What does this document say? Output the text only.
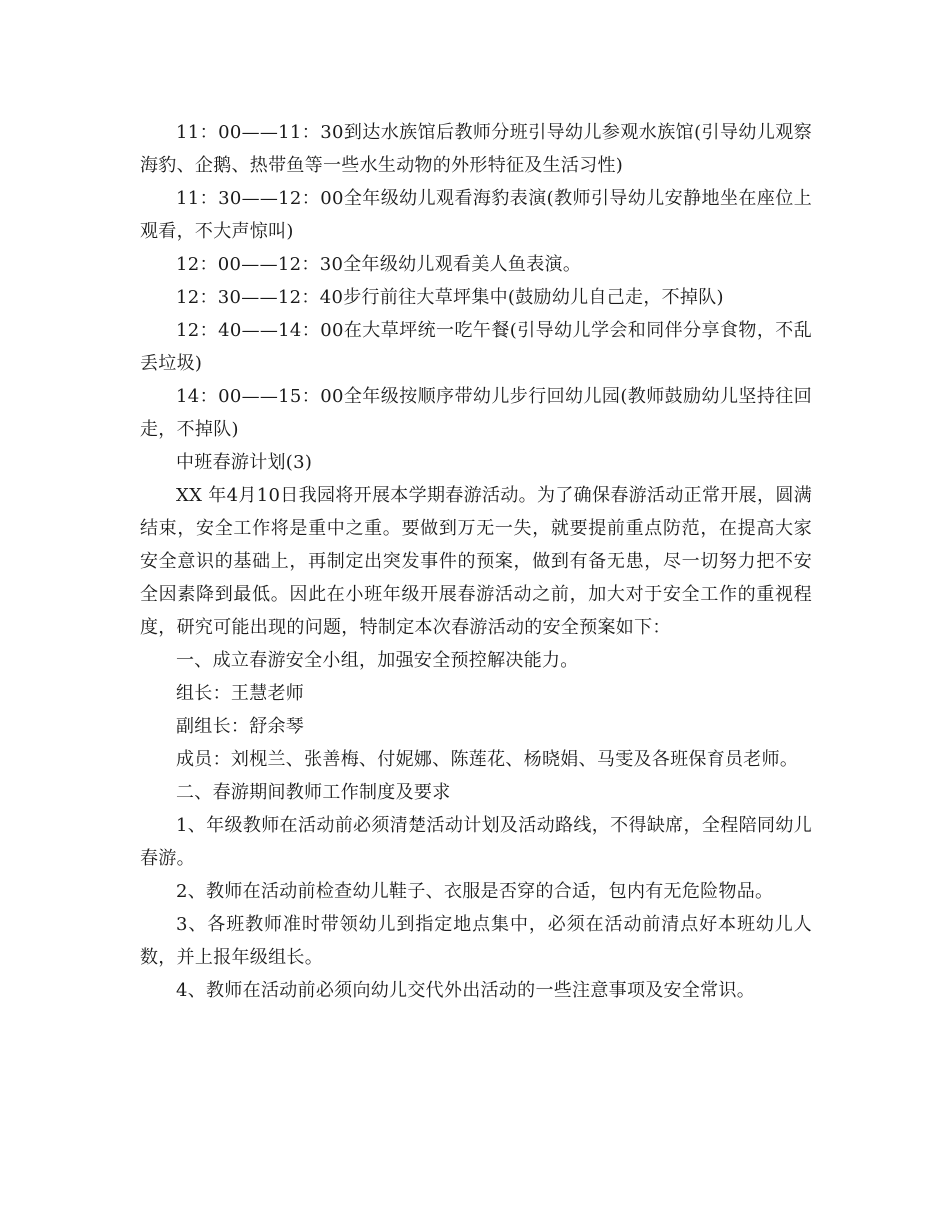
11：00——11：30到达水族馆后教师分班引导幼儿参观水族馆(引导幼儿观察海豹、企鹅、热带鱼等一些水生动物的外形特征及生活习性)

11：30——12：00全年级幼儿观看海豹表演(教师引导幼儿安静地坐在座位上观看，不大声惊叫)

12：00——12：30全年级幼儿观看美人鱼表演。

12：30——12：40步行前往大草坪集中(鼓励幼儿自己走，不掉队)

12：40——14：00在大草坪统一吃午餐(引导幼儿学会和同伴分享食物，不乱丢垃圾)

14：00——15：00全年级按顺序带幼儿步行回幼儿园(教师鼓励幼儿坚持往回走，不掉队)

中班春游计划(3)

XX 年4月10日我园将开展本学期春游活动。为了确保春游活动正常开展，圆满结束，安全工作将是重中之重。要做到万无一失，就要提前重点防范，在提高大家安全意识的基础上，再制定出突发事件的预案，做到有备无患，尽一切努力把不安全因素降到最低。因此在小班年级开展春游活动之前，加大对于安全工作的重视程度，研究可能出现的问题，特制定本次春游活动的安全预案如下：

一、成立春游安全小组，加强安全预控解决能力。

组长：王慧老师

副组长：舒余琴

成员：刘枧兰、张善梅、付妮娜、陈莲花、杨晓娟、马雯及各班保育员老师。

二、春游期间教师工作制度及要求

1、年级教师在活动前必须清楚活动计划及活动路线，不得缺席，全程陪同幼儿春游。

2、教师在活动前检查幼儿鞋子、衣服是否穿的合适，包内有无危险物品。

3、各班教师准时带领幼儿到指定地点集中，必须在活动前清点好本班幼儿人数，并上报年级组长。

4、教师在活动前必须向幼儿交代外出活动的一些注意事项及安全常识。
